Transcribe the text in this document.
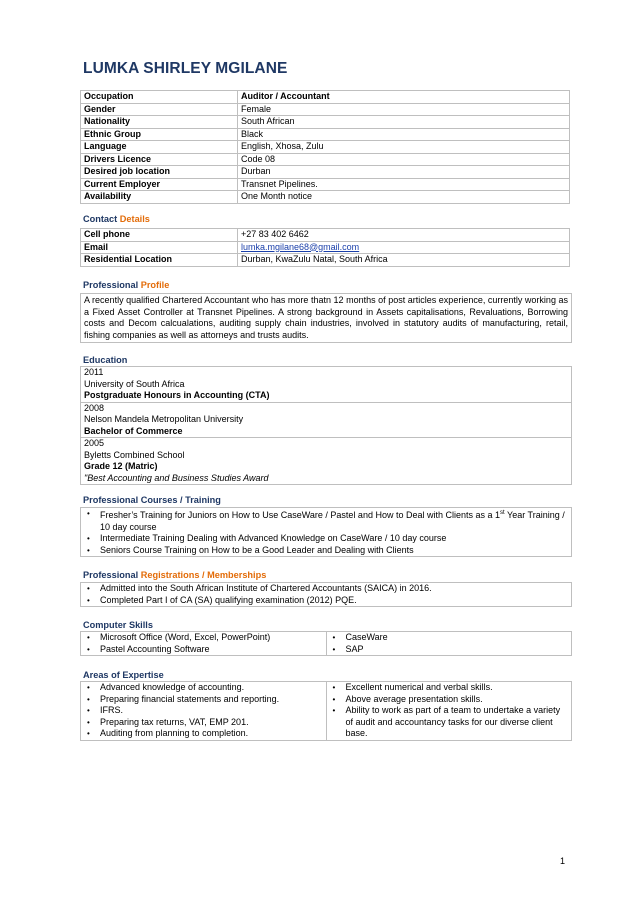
LUMKA SHIRLEY MGILANE
Occupation	Auditor / Accountant
Gender	Female
Nationality	South African
Ethnic Group	Black
Language	English, Xhosa, Zulu
Drivers Licence	Code 08
Desired job location	Durban
Current Employer	Transnet Pipelines.
Availability	One Month notice
Contact Details
Cell phone	+27 83 402 6462
Email	lumka.mgilane68@gmail.com
Residential Location	Durban, KwaZulu Natal, South Africa
Professional Profile
A recently qualified Chartered Accountant who has more thatn 12 months of post articles experience, currently working as a Fixed Asset Controller at Transnet Pipelines. A strong background in Assets capitalisations, Revaluations, Borrowing costs and Decom calcualations, auditing supply chain industries, involved in statutory audits of manufacturing, retail, fishing companies as well as attorneys and trusts audits.
Education
2011
University of South Africa
Postgraduate Honours in Accounting (CTA)
2008
Nelson Mandela Metropolitan University
Bachelor of Commerce
2005
Byletts Combined School
Grade 12 (Matric)
"Best Accounting and Business Studies Award
Professional Courses / Training
• Fresher’s Training for Juniors on How to Use CaseWare / Pastel and How to Deal with Clients as a 1st Year Training / 10 day course
• Intermediate Training Dealing with Advanced Knowledge on CaseWare / 10 day course
• Seniors Course Training on How to be a Good Leader and Dealing with Clients
Professional Registrations / Memberships
• Admitted into the South African Institute of Chartered Accountants (SAICA) in 2016.
• Completed Part I of CA (SA) qualifying examination (2012) PQE.
Computer Skills
• Microsoft Office (Word, Excel, PowerPoint)
• Pastel Accounting Software
• CaseWare
• SAP
Areas of Expertise
• Advanced knowledge of accounting.
• Preparing financial statements and reporting.
• IFRS.
• Preparing tax returns, VAT, EMP 201.
• Auditing from planning to completion.
• Excellent numerical and verbal skills.
• Above average presentation skills.
• Ability to work as part of a team to undertake a variety of audit and accountancy tasks for our diverse client base.
1
